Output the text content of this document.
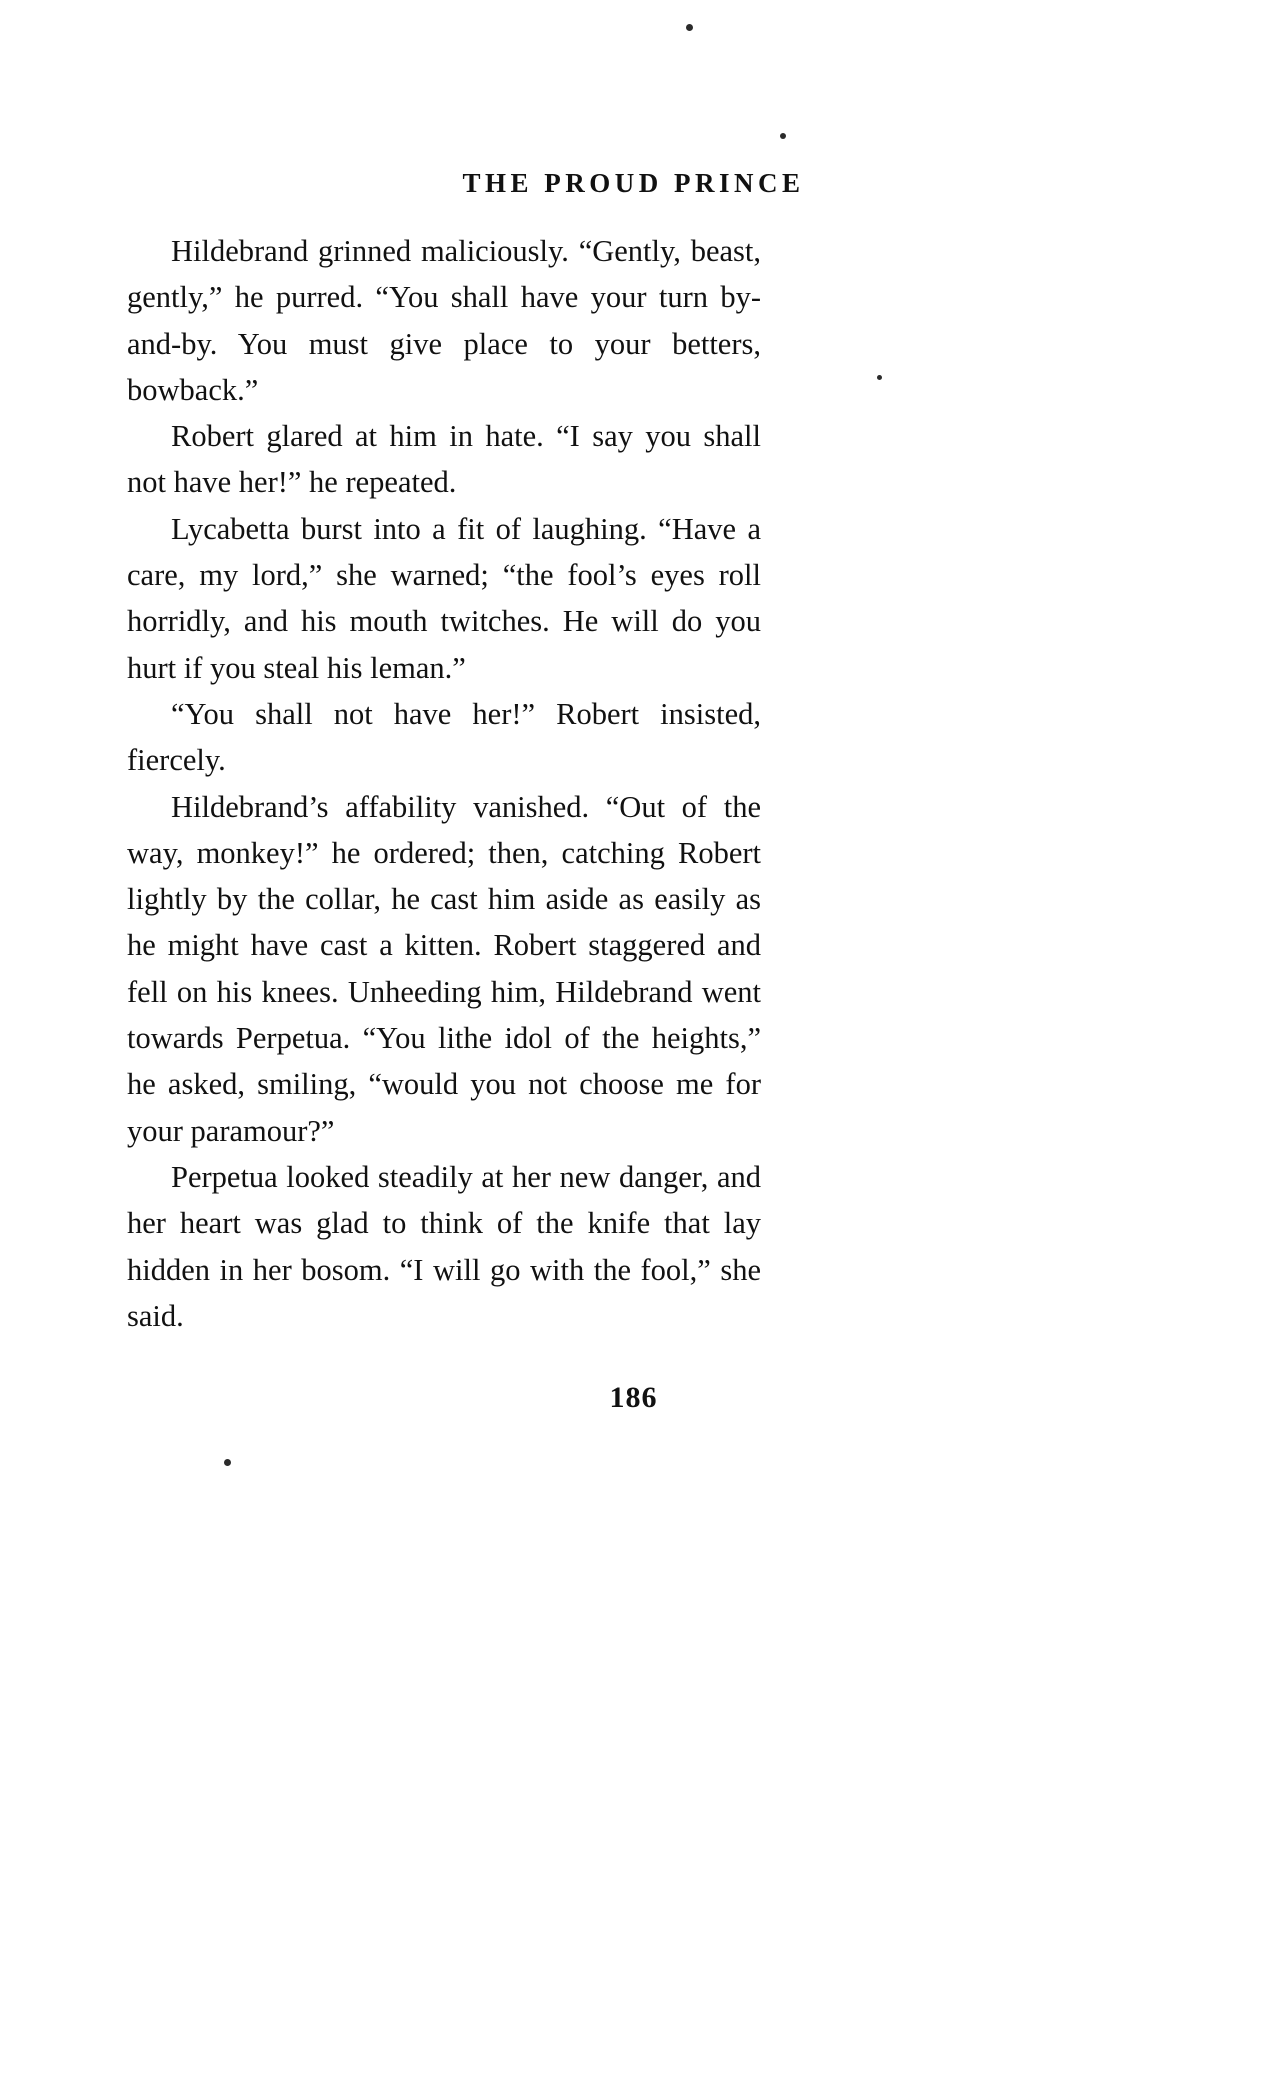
THE PROUD PRINCE

Hildebrand grinned maliciously. “Gently, beast, gently,” he purred. “You shall have your turn by-and-by. You must give place to your betters, bowback.”

Robert glared at him in hate. “I say you shall not have her!” he repeated.

Lycabetta burst into a fit of laughing. “Have a care, my lord,” she warned; “the fool’s eyes roll horridly, and his mouth twitches. He will do you hurt if you steal his leman.”

“You shall not have her!” Robert insisted, fiercely.

Hildebrand’s affability vanished. “Out of the way, monkey!” he ordered; then, catching Robert lightly by the collar, he cast him aside as easily as he might have cast a kitten. Robert staggered and fell on his knees. Unheeding him, Hildebrand went towards Perpetua. “You lithe idol of the heights,” he asked, smiling, “would you not choose me for your paramour?”

Perpetua looked steadily at her new danger, and her heart was glad to think of the knife that lay hidden in her bosom. “I will go with the fool,” she said.

186
